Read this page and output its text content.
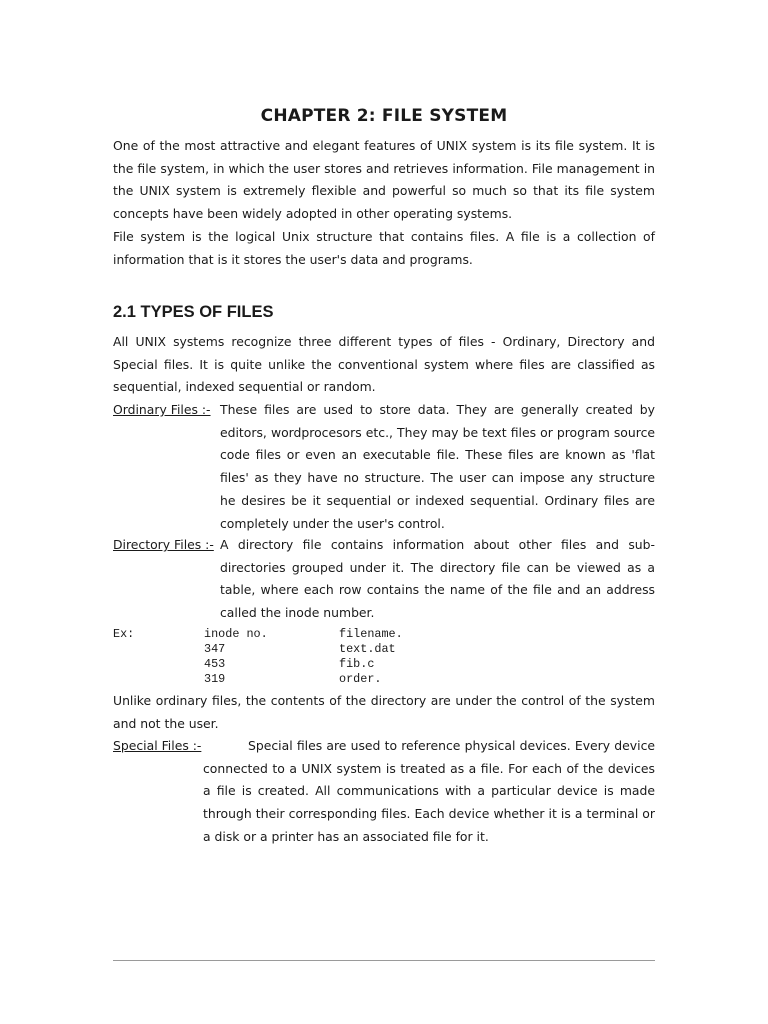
CHAPTER 2: FILE SYSTEM

One of the most attractive and elegant features of UNIX system is its file system. It is the file system, in which the user stores and retrieves information. File management in the UNIX system is extremely flexible and powerful so much so that its file system concepts have been widely adopted in other operating systems.

File system is the logical Unix structure that contains files. A file is a collection of information that is it stores the user's data and programs.

2.1 TYPES OF FILES

All UNIX systems recognize three different types of files - Ordinary, Directory and Special files. It is quite unlike the conventional system where files are classified as sequential, indexed sequential or random.

Ordinary Files :- These files are used to store data. They are generally created by editors, wordprocesors etc., They may be text files or program source code files or even an executable file. These files are known as 'flat files' as they have no structure. The user can impose any structure he desires be it sequential or indexed sequential. Ordinary files are completely under the user's control.
Directory Files :- A directory file contains information about other files and sub-directories grouped under it. The directory file can be viewed as a table, where each row contains the name of the file and an address called the inode number.
Ex:	inode no.	filename.
347	text.dat
453	fib.c
319	order.

Unlike ordinary files, the contents of the directory are under the control of the system and not the user.

Special Files :-	Special files are used to reference physical devices. Every device connected to a UNIX system is treated as a file. For each of the devices a file is created. All communications with a particular device is made through their corresponding files. Each device whether it is a terminal or a disk or a printer has an associated file for it.
